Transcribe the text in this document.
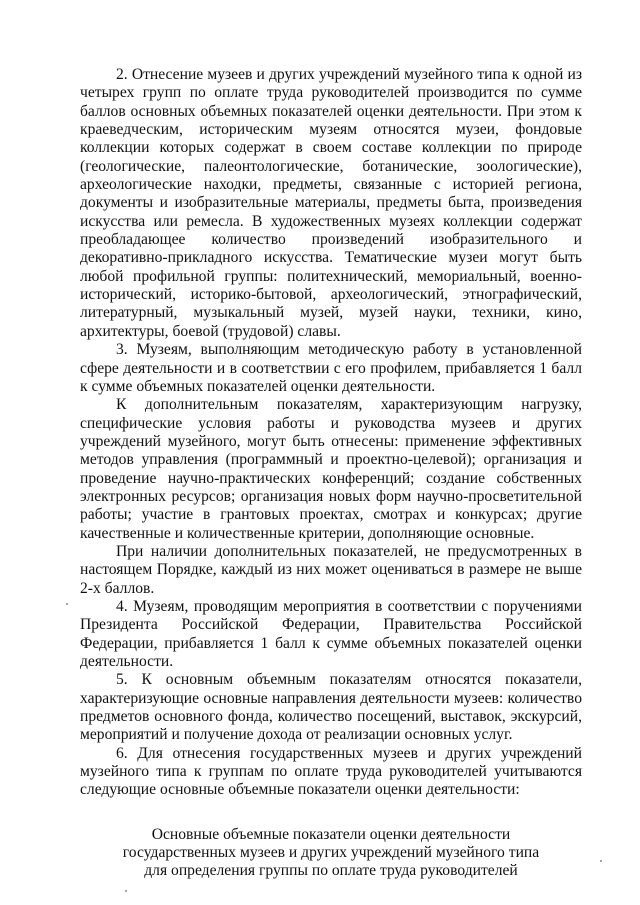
2. Отнесение музеев и других учреждений музейного типа к одной из четырех групп по оплате труда руководителей производится по сумме баллов основных объемных показателей оценки деятельности. При этом к краеведческим, историческим музеям относятся музеи, фондовые коллекции которых содержат в своем составе коллекции по природе (геологические, палеонтологические, ботанические, зоологические), археологические находки, предметы, связанные с историей региона, документы и изобразительные материалы, предметы быта, произведения искусства или ремесла. В художественных музеях коллекции содержат преобладающее количество произведений изобразительного и декоративно-прикладного искусства. Тематические музеи могут быть любой профильной группы: политехнический, мемориальный, военно-исторический, историко-бытовой, археологический, этнографический, литературный, музыкальный музей, музей науки, техники, кино, архитектуры, боевой (трудовой) славы.

3. Музеям, выполняющим методическую работу в установленной сфере деятельности и в соответствии с его профилем, прибавляется 1 балл к сумме объемных показателей оценки деятельности.

К дополнительным показателям, характеризующим нагрузку, специфические условия работы и руководства музеев и других учреждений музейного, могут быть отнесены: применение эффективных методов управления (программный и проектно-целевой); организация и проведение научно-практических конференций; создание собственных электронных ресурсов; организация новых форм научно-просветительной работы; участие в грантовых проектах, смотрах и конкурсах; другие качественные и количественные критерии, дополняющие основные.

При наличии дополнительных показателей, не предусмотренных в настоящем Порядке, каждый из них может оцениваться в размере не выше 2-х баллов.

4. Музеям, проводящим мероприятия в соответствии с поручениями Президента Российской Федерации, Правительства Российской Федерации, прибавляется 1 балл к сумме объемных показателей оценки деятельности.

5. К основным объемным показателям относятся показатели, характеризующие основные направления деятельности музеев: количество предметов основного фонда, количество посещений, выставок, экскурсий, мероприятий и получение дохода от реализации основных услуг.

6. Для отнесения государственных музеев и других учреждений музейного типа к группам по оплате труда руководителей учитываются следующие основные объемные показатели оценки деятельности:

Основные объемные показатели оценки деятельности
государственных музеев и других учреждений музейного типа
для определения группы по оплате труда руководителей
